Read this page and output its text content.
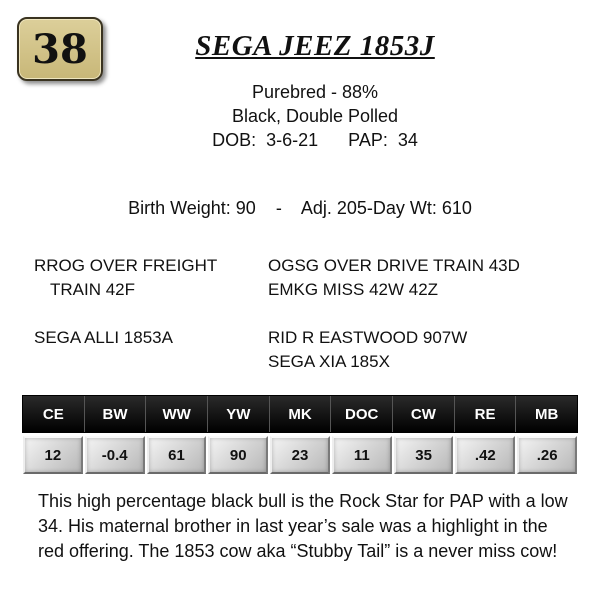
38	SEGA JEEZ 1853J
Purebred - 88%
Black, Double Polled
DOB:  3-6-21      PAP:  34
Birth Weight: 90    -    Adj. 205-Day Wt: 610
RROG OVER FREIGHT
TRAIN 42F
SEGA ALLI 1853A
OGSG OVER DRIVE TRAIN 43D
EMKG MISS 42W 42Z
RID R EASTWOOD 907W
SEGA XIA 185X
CE	BW	WW	YW	MK	DOC	CW	RE	MB
12	-0.4	61	90	23	11	35	.42	.26
This high percentage black bull is the Rock Star for PAP with a low 34. His maternal brother in last year’s sale was a highlight in the red offering. The 1853 cow aka “Stubby Tail” is a never miss cow!
